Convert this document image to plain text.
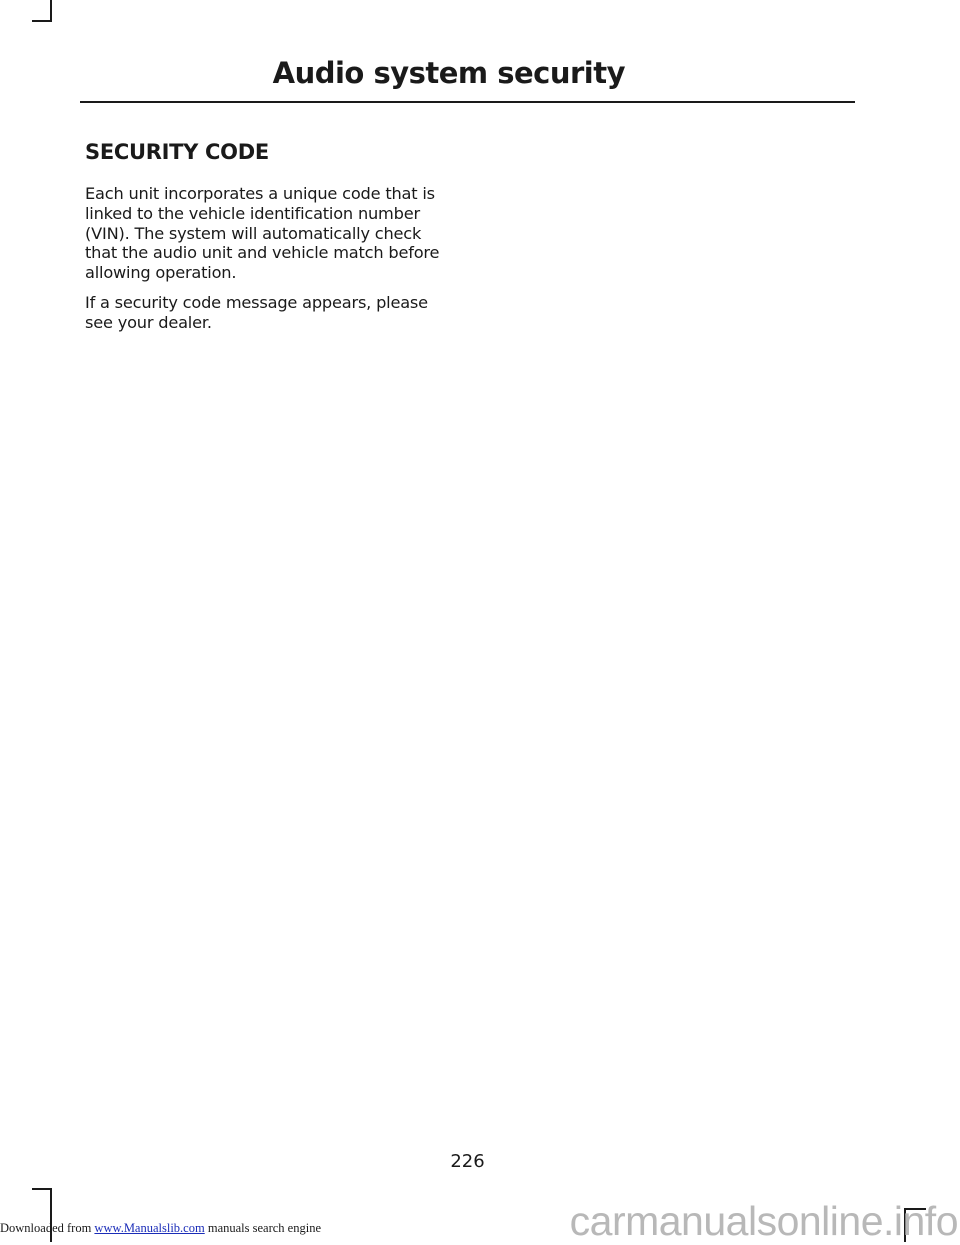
Audio system security
SECURITY CODE

Each unit incorporates a unique code that is linked to the vehicle identification number (VIN). The system will automatically check that the audio unit and vehicle match before allowing operation.

If a security code message appears, please see your dealer.

226
Downloaded from www.Manualslib.com manuals search engine	carmanualsonline.info
